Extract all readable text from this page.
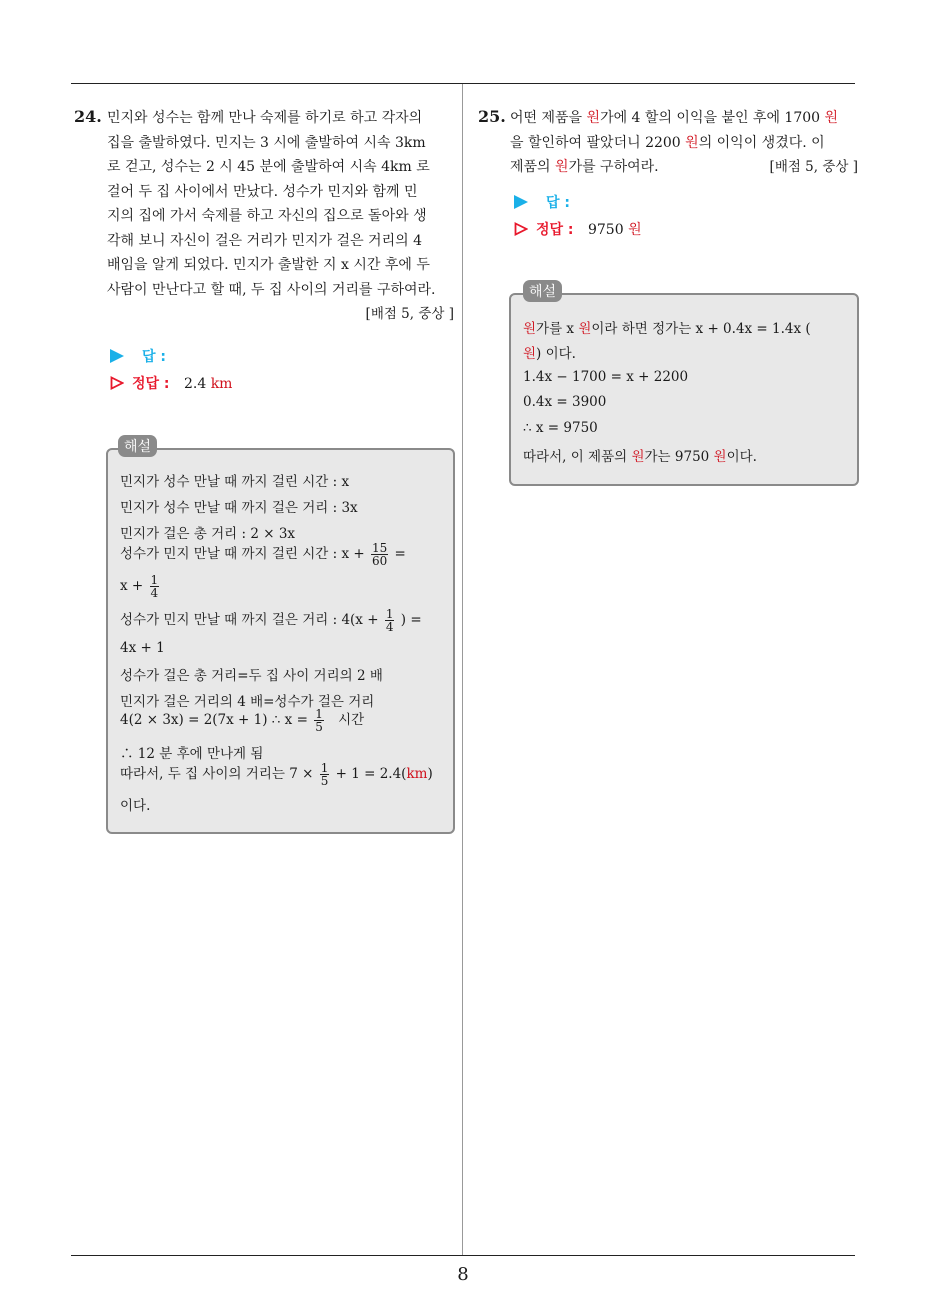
24. 민지와 성수는 함께 만나 숙제를 하기로 하고 각자의
집을 출발하였다. 민지는 3 시에 출발하여 시속 3km
로 걷고, 성수는 2 시 45 분에 출발하여 시속 4km 로
걸어 두 집 사이에서 만났다. 성수가 민지와 함께 민
지의 집에 가서 숙제를 하고 자신의 집으로 돌아와 생
각해 보니 자신이 걸은 거리가 민지가 걸은 거리의 4
배임을 알게 되었다. 민지가 출발한 지 x 시간 후에 두
사람이 만난다고 할 때, 두 집 사이의 거리를 구하여라.
[배점 5, 중상 ]
답 :
정답 : 2.4 km
민지가 성수 만날 때 까지 걸린 시간 : x
민지가 성수 만날 때 까지 걸은 거리 : 3x
민지가 걸은 총 거리 : 2 × 3x
성수가 민지 만날 때 까지 걸린 시간 : $x + \frac{15}{60}$ =
$x + \frac{1}{4}$
성수가 민지 만날 때 까지 걸은 거리 : $4(x + \frac{1}{4}$ ) =
4x + 1
성수가 걸은 총 거리=두 집 사이 거리의 2 배
민지가 걸은 거리의 4 배=성수가 걸은 거리
4(2 × 3x) = 2(7x + 1) ∴ $x = \frac{1}{5}$ 시간
∴ 12 분 후에 만나게 됨
따라서, 두 집 사이의 거리는 $7 \times \frac{1}{5} + 1 = 2.4(km)$
이다.
해설
25. 어떤 제품을 원가에 4 할의 이익을 붙인 후에 1700 원
을 할인하여 팔았더니 2200 원의 이익이 생겼다. 이
제품의 원가를 구하여라.	[배점 5, 중상 ]
답 :
정답 : 9750 원
원가를 x 원이라 하면 정가는 x + 0.4x = 1.4x (
원) 이다.
1.4x − 1700 = x + 2200
0.4x = 3900
∴ x = 9750
따라서, 이 제품의 원가는 9750 원이다.
해설
8
